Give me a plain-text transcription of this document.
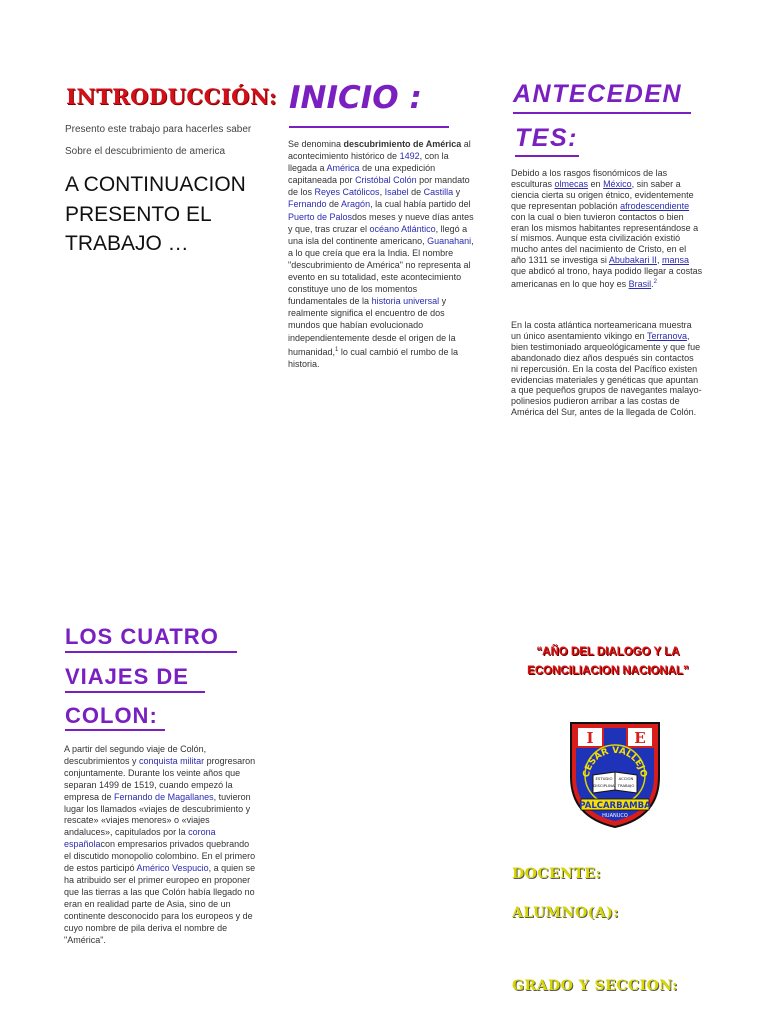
INTRODUCCIÓN:
Presento este trabajo para hacerles saber
Sobre el descubrimiento de america
A CONTINUACION PRESENTO EL TRABAJO …
INICIO :
Se denomina descubrimiento de América al acontecimiento histórico de 1492, con la llegada a América de una expedición capitaneada por Cristóbal Colón por mandato de los Reyes Católicos, Isabel de Castilla y Fernando de Aragón, la cual había partido del Puerto de Palosdos meses y nueve días antes y que, tras cruzar el océano Atlántico, llegó a una isla del continente americano, Guanahani, a lo que creía que era la India. El nombre "descubrimiento de América" no representa al evento en su totalidad, este acontecimiento constituye uno de los momentos fundamentales de la historia universal y realmente significa el encuentro de dos mundos que habían evolucionado independientemente desde el origen de la humanidad,$^1$ lo cual cambió el rumbo de la historia.
ANTECEDEN
TES:
Debido a los rasgos fisonómicos de las esculturas olmecas en México, sin saber a ciencia cierta su origen étnico, evidentemente que representan población afrodescendiente con la cual o bien tuvieron contactos o bien eran los mismos habitantes representándose a sí mismos. Aunque esta civilización existió mucho antes del nacimiento de Cristo, en el año 1311 se investiga si Abubakari II, mansa que abdicó al trono, haya podido llegar a costas americanas en lo que hoy es Brasil.$^2$
En la costa atlántica norteamericana muestra un único asentamiento vikingo en Terranova, bien testimoniado arqueológicamente y que fue abandonado diez años después sin contactos ni repercusión. En la costa del Pacífico existen evidencias materiales y genéticas que apuntan a que pequeños grupos de navegantes malayo-polinesios pudieron arribar a las costas de América del Sur, antes de la llegada de Colón.
LOS CUATRO
VIAJES DE
COLON:
A partir del segundo viaje de Colón, descubrimientos y conquista militar progresaron conjuntamente. Durante los veinte años que separan 1499 de 1519, cuando empezó la empresa de Fernando de Magallanes, tuvieron lugar los llamados «viajes de descubrimiento y rescate» «viajes menores» o «viajes andaluces», capitulados por la corona españolacon empresarios privados quebrando el discutido monopolio colombino. En el primero de estos participó Américo Vespucio, a quien se ha atribuido ser el primer europeo en proponer que las tierras a las que Colón había llegado no eran en realidad parte de Asia, sino de un continente desconocido para los europeos y de cuyo nombre de pila deriva el nombre de "América".
“AÑO DEL DIALOGO Y LA ECONCILIACION NACIONAL”
I	E
CESAR VALLEJO
ESTUDIO ACCION
DISCIPLINA TRABAJO
PALCARBAMBA
HUANUCO
DOCENTE:
ALUMNO(A):
GRADO Y SECCION:
